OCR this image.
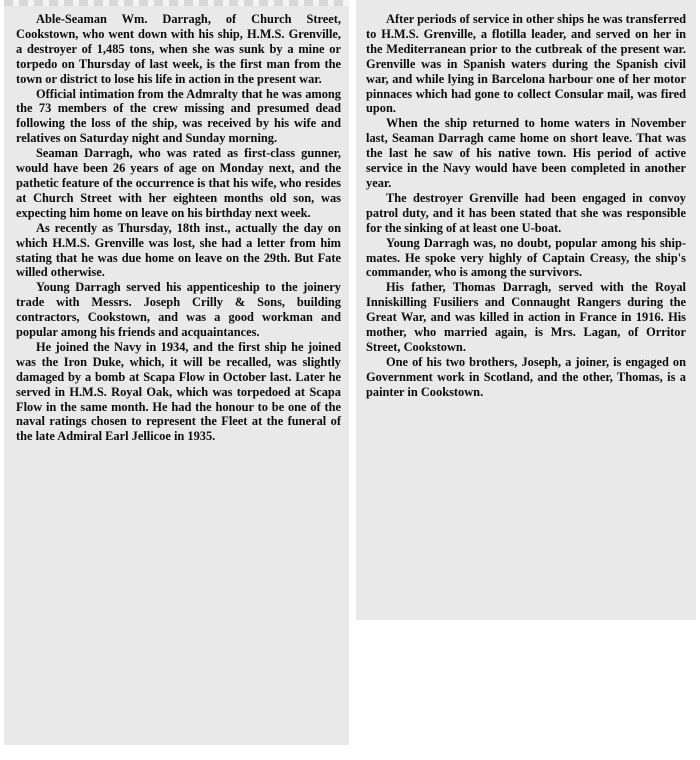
Able-Seaman Wm. Darragh, of Church Street, Cookstown, who went down with his ship, H.M.S. Grenville, a destroyer of 1,485 tons, when she was sunk by a mine or torpedo on Thursday of last week, is the first man from the town or district to lose his life in action in the present war.

Official intimation from the Admralty that he was among the 73 members of the crew missing and presumed dead following the loss of the ship, was received by his wife and relatives on Saturday night and Sunday morning.

Seaman Darragh, who was rated as first-class gunner, would have been 26 years of age on Monday next, and the pathetic feature of the occurrence is that his wife, who resides at Church Street with her eighteen months old son, was expecting him home on leave on his birthday next week.

As recently as Thursday, 18th inst., actually the day on which H.M.S. Grenville was lost, she had a letter from him stating that he was due home on leave on the 29th. But Fate willed otherwise.

Young Darragh served his appenticeship to the joinery trade with Messrs. Joseph Crilly & Sons, building contractors, Cookstown, and was a good workman and popular among his friends and acquaintances.

He joined the Navy in 1934, and the first ship he joined was the Iron Duke, which, it will be recalled, was slightly damaged by a bomb at Scapa Flow in October last. Later he served in H.M.S. Royal Oak, which was torpedoed at Scapa Flow in the same month. He had the honour to be one of the naval ratings chosen to represent the Fleet at the funeral of the late Admiral Earl Jellicoe in 1935.

After periods of service in other ships he was transferred to H.M.S. Grenville, a flotilla leader, and served on her in the Mediterranean prior to the cutbreak of the present war. Grenville was in Spanish waters during the Spanish civil war, and while lying in Barcelona harbour one of her motor pinnaces which had gone to collect Consular mail, was fired upon.

When the ship returned to home waters in November last, Seaman Darragh came home on short leave. That was the last he saw of his native town. His period of active service in the Navy would have been completed in another year.

The destroyer Grenville had been engaged in convoy patrol duty, and it has been stated that she was responsible for the sinking of at least one U-boat.

Young Darragh was, no doubt, popular among his ship-mates. He spoke very highly of Captain Creasy, the ship's commander, who is among the survivors.

His father, Thomas Darragh, served with the Royal Inniskilling Fusiliers and Connaught Rangers during the Great War, and was killed in action in France in 1916. His mother, who married again, is Mrs. Lagan, of Orritor Street, Cookstown.

One of his two brothers, Joseph, a joiner, is engaged on Government work in Scotland, and the other, Thomas, is a painter in Cookstown.
